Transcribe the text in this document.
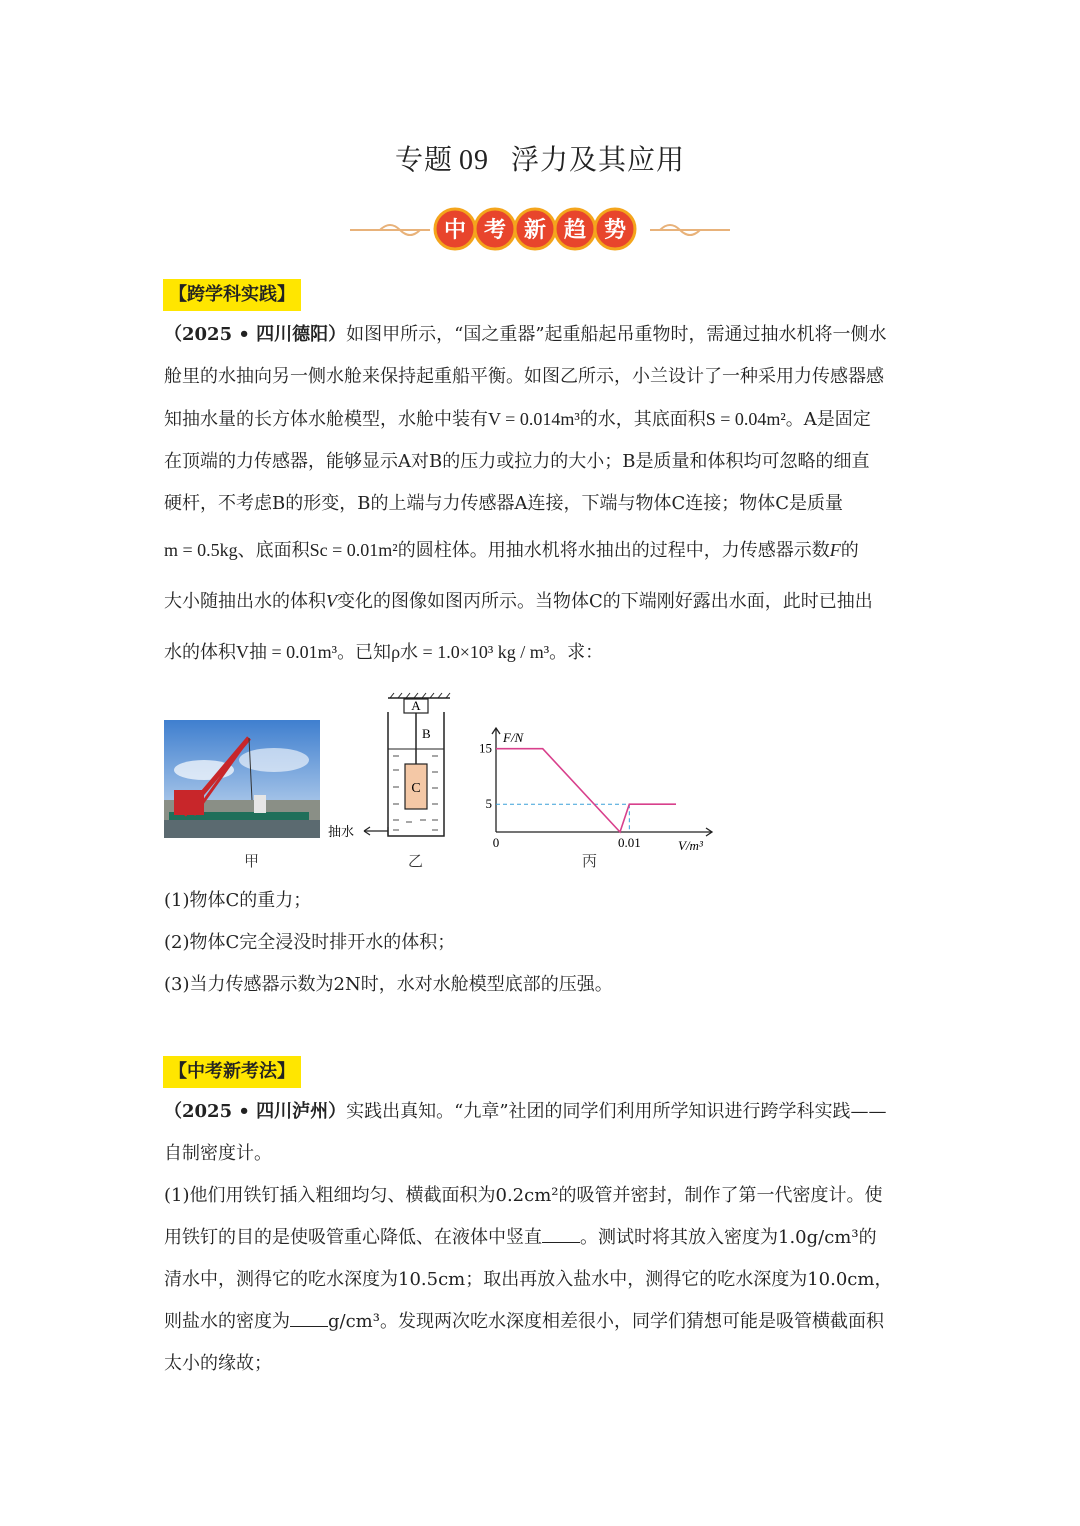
专题 09 浮力及其应用
中 考 新 趋 势
【跨学科实践】
（2025 • 四川德阳）如图甲所示，“国之重器”起重船起吊重物时，需通过抽水机将一侧水
舱里的水抽向另一侧水舱来保持起重船平衡。如图乙所示，小兰设计了一种采用力传感器感
知抽水量的长方体水舱模型，水舱中装有V = 0.014m³的水，其底面积S = 0.04m²。A是固定
在顶端的力传感器，能够显示A对B的压力或拉力的大小；B是质量和体积均可忽略的细直
硬杆，不考虑B的形变，B的上端与力传感器A连接，下端与物体C连接；物体C是质量
m = 0.5kg、底面积Sc = 0.01m²的圆柱体。用抽水机将水抽出的过程中，力传感器示数F的
大小随抽出水的体积V变化的图像如图丙所示。当物体C的下端刚好露出水面，此时已抽出
水的体积V抽 = 0.01m³。已知ρ水 = 1.0×10³ kg / m³。求：
甲
A
B
C
抽水
乙
F/N
V/m³
15
5
0	0.01
丙
(1)物体C的重力；
(2)物体C完全浸没时排开水的体积；
(3)当力传感器示数为2N时，水对水舱模型底部的压强。
【中考新考法】
（2025 • 四川泸州）实践出真知。“九章”社团的同学们利用所学知识进行跨学科实践——
自制密度计。
(1)他们用铁钉插入粗细均匀、横截面积为0.2cm²的吸管并密封，制作了第一代密度计。使
用铁钉的目的是使吸管重心降低、在液体中竖直 。测试时将其放入密度为1.0g/cm³的
清水中，测得它的吃水深度为10.5cm；取出再放入盐水中，测得它的吃水深度为10.0cm，
则盐水的密度为 g/cm³。发现两次吃水深度相差很小，同学们猜想可能是吸管横截面积
太小的缘故；
